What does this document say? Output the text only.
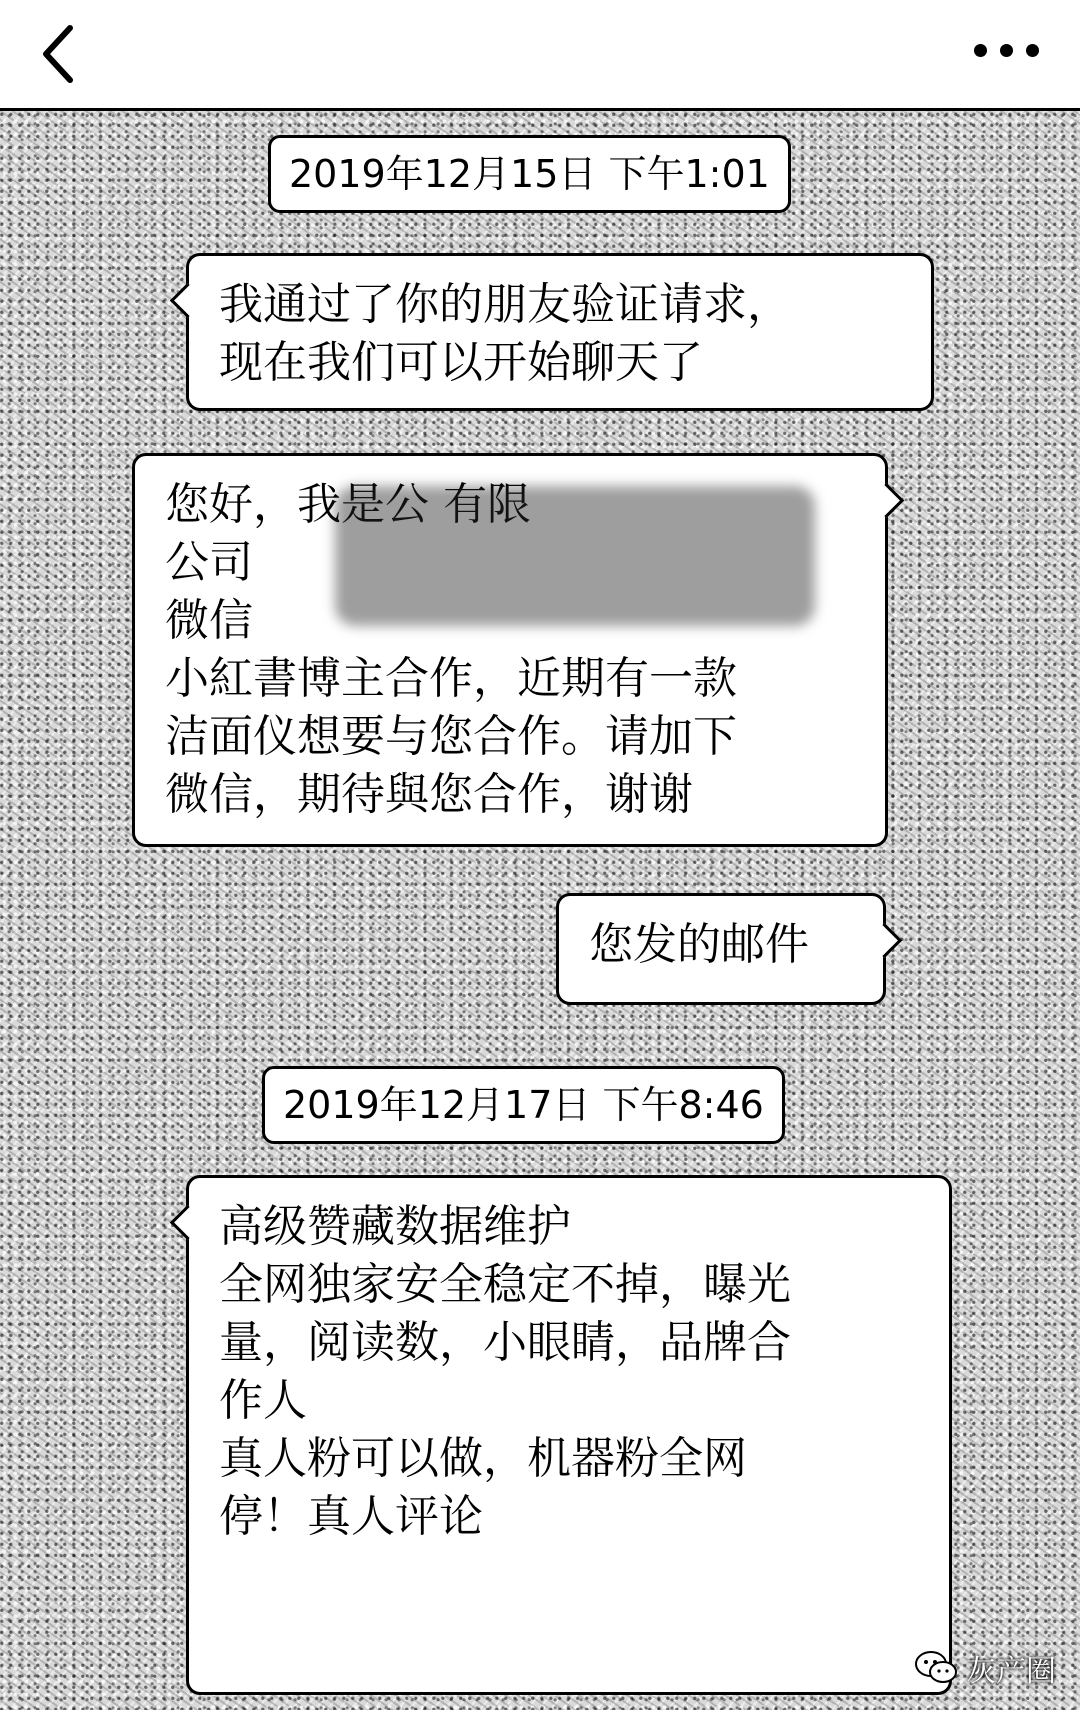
2019年12月15日 下午1:01
我通过了你的朋友验证请求，
现在我们可以开始聊天了
您好，我是公 有限
公司
微信
小紅書博主合作，近期有一款
洁面仪想要与您合作。请加下
微信，期待與您合作，谢谢
您发的邮件
2019年12月17日 下午8:46
高级赞藏数据维护
全网独家安全稳定不掉，曝光
量，阅读数，小眼睛，品牌合
作人
真人粉可以做，机器粉全网
停！真人评论
灰产圈
